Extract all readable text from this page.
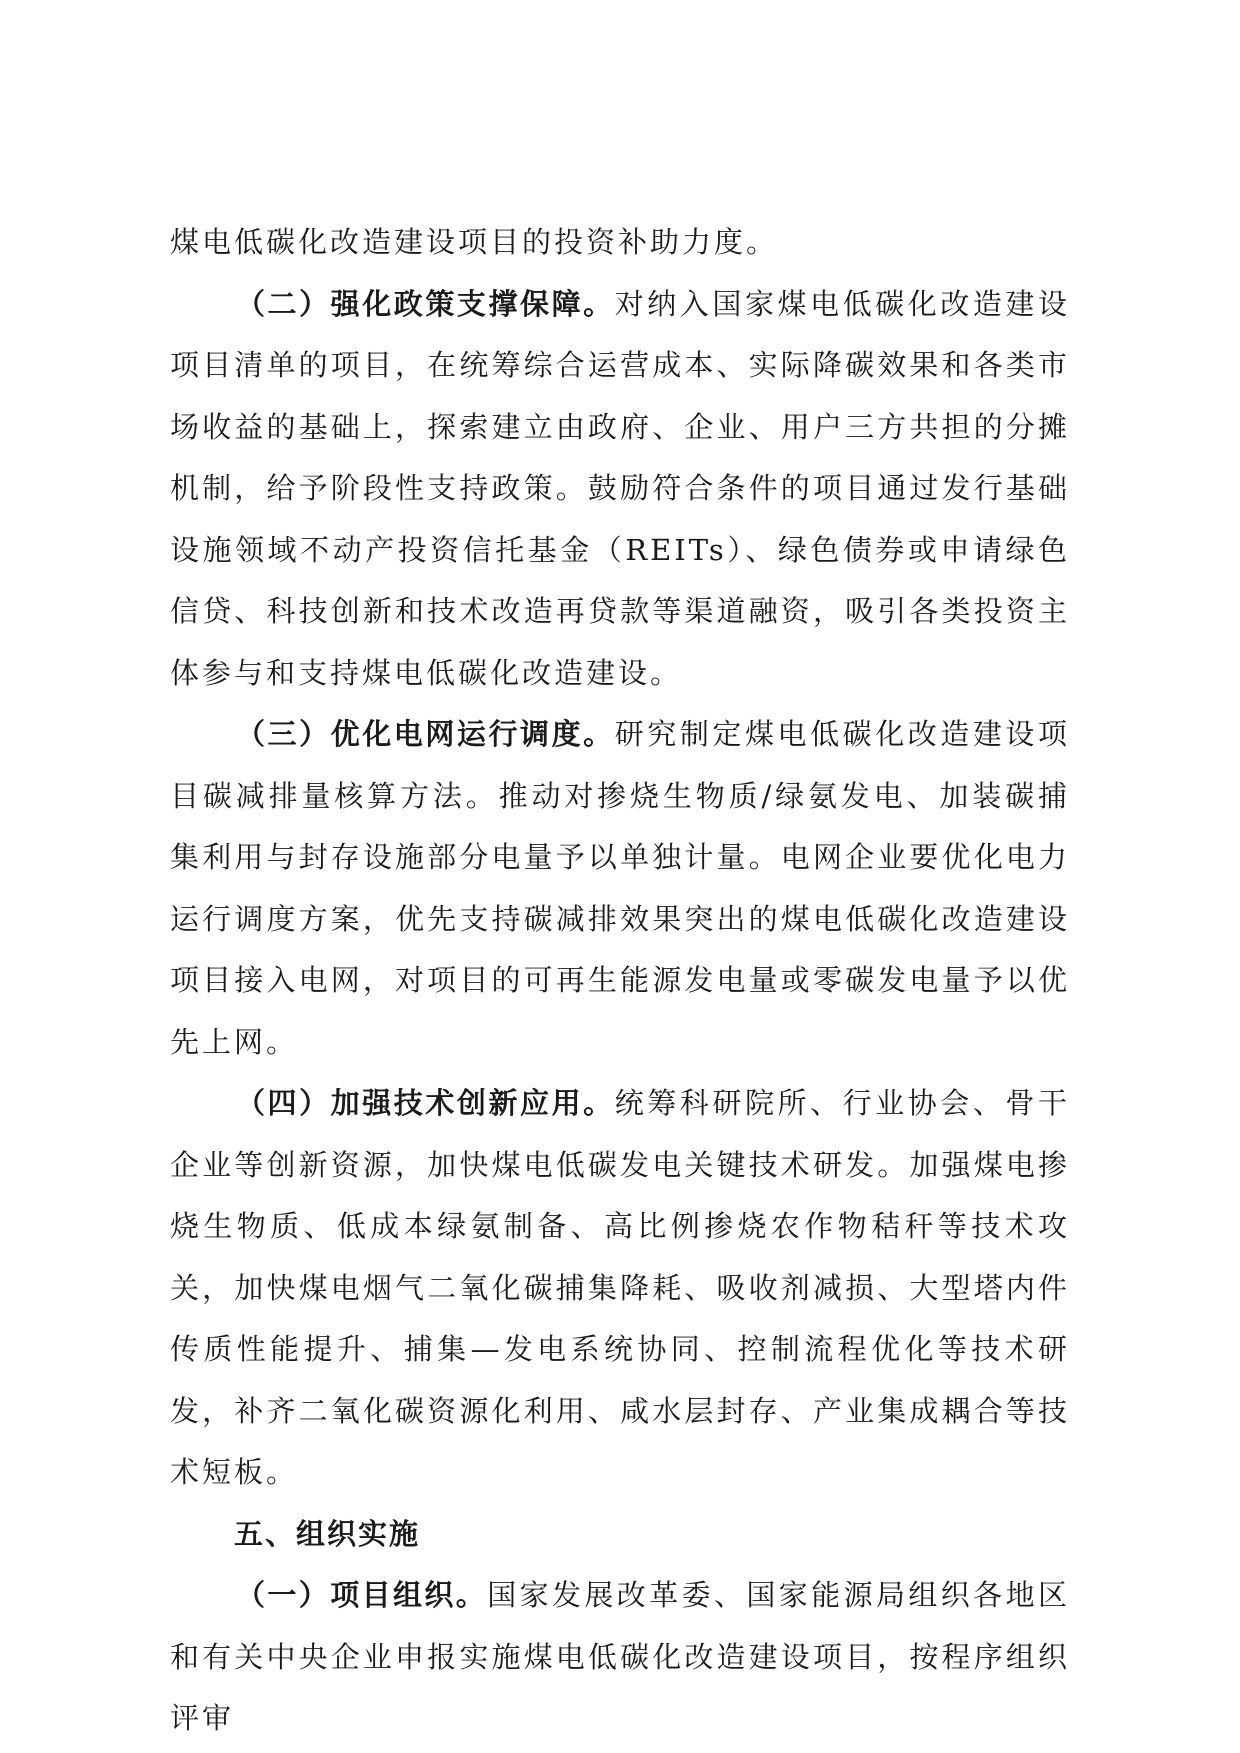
煤电低碳化改造建设项目的投资补助力度。

（二）强化政策支撑保障。对纳入国家煤电低碳化改造建设项目清单的项目，在统筹综合运营成本、实际降碳效果和各类市场收益的基础上，探索建立由政府、企业、用户三方共担的分摊机制，给予阶段性支持政策。鼓励符合条件的项目通过发行基础设施领域不动产投资信托基金（REITs）、绿色债券或申请绿色信贷、科技创新和技术改造再贷款等渠道融资，吸引各类投资主体参与和支持煤电低碳化改造建设。

（三）优化电网运行调度。研究制定煤电低碳化改造建设项目碳减排量核算方法。推动对掺烧生物质/绿氨发电、加装碳捕集利用与封存设施部分电量予以单独计量。电网企业要优化电力运行调度方案，优先支持碳减排效果突出的煤电低碳化改造建设项目接入电网，对项目的可再生能源发电量或零碳发电量予以优先上网。

（四）加强技术创新应用。统筹科研院所、行业协会、骨干企业等创新资源，加快煤电低碳发电关键技术研发。加强煤电掺烧生物质、低成本绿氨制备、高比例掺烧农作物秸秆等技术攻关，加快煤电烟气二氧化碳捕集降耗、吸收剂减损、大型塔内件传质性能提升、捕集—发电系统协同、控制流程优化等技术研发，补齐二氧化碳资源化利用、咸水层封存、产业集成耦合等技术短板。

五、组织实施

（一）项目组织。国家发展改革委、国家能源局组织各地区和有关中央企业申报实施煤电低碳化改造建设项目，按程序组织评审
